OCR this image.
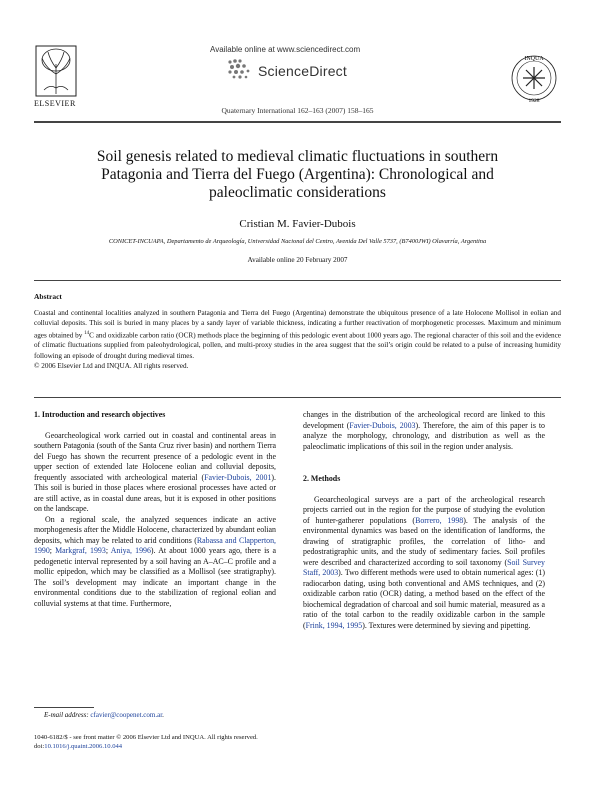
Available online at www.sciencedirect.com
ScienceDirect
ELSEVIER
INQUA
1928
Quaternary International 162–163 (2007) 158–165
Soil genesis related to medieval climatic fluctuations in southern
Patagonia and Tierra del Fuego (Argentina): Chronological and
paleoclimatic considerations
Cristian M. Favier-Dubois
CONICET-INCUAPA, Departamento de Arqueología, Universidad Nacional del Centro, Avenida Del Valle 5737, (B7400JWI) Olavarría, Argentina
Available online 20 February 2007
Abstract
Coastal and continental localities analyzed in southern Patagonia and Tierra del Fuego (Argentina) demonstrate the ubiquitous presence of a late Holocene Mollisol in eolian and colluvial deposits. This soil is buried in many places by a sandy layer of variable thickness, indicating a further reactivation of morphogenetic processes. Maximum and minimum ages obtained by $^{14}$C and oxidizable carbon ratio (OCR) methods place the beginning of this pedologic event about 1000 years ago. The regional character of this soil and the evidence of climatic fluctuations supplied from paleohydrological, pollen, and multi-proxy studies in the area suggest that the soil’s origin could be related to a pulse of increasing humidity following an episode of drought during medieval times.
© 2006 Elsevier Ltd and INQUA. All rights reserved.
1. Introduction and research objectives

Geoarcheological work carried out in coastal and continental areas in southern Patagonia (south of the Santa Cruz river basin) and northern Tierra del Fuego has shown the recurrent presence of a pedologic event in the upper section of extended late Holocene eolian and colluvial deposits, frequently associated with archeological material (Favier-Dubois, 2001). This soil is buried in those places where erosional processes have acted or are still active, as in coastal dune areas, but it is exposed in other positions on the landscape.

On a regional scale, the analyzed sequences indicate an active morphogenesis after the Middle Holocene, characterized by abundant eolian deposits, which may be related to arid conditions (Rabassa and Clapperton, 1990; Markgraf, 1993; Aniya, 1996). At about 1000 years ago, there is a pedogenetic interval represented by a soil having an A–AC–C profile and a mollic epipedon, which may be classified as a Mollisol (see stratigraphy). The soil’s development may indicate an important change in the environmental conditions due to the stabilization of regional eolian and colluvial systems at that time. Furthermore,

changes in the distribution of the archeological record are linked to this development (Favier-Dubois, 2003). Therefore, the aim of this paper is to analyze the morphology, chronology, and distribution as well as the paleoclimatic implications of this soil in the region under analysis.

2. Methods

Geoarcheological surveys are a part of the archeological research projects carried out in the region for the purpose of studying the evolution of hunter-gatherer populations (Borrero, 1998). The analysis of the environmental dynamics was based on the identification of landforms, the drawing of stratigraphic profiles, the correlation of litho- and pedostratigraphic units, and the study of sedimentary facies. Soil profiles were described and characterized according to soil taxonomy (Soil Survey Staff, 2003). Two different methods were used to obtain numerical ages: (1) radiocarbon dating, using both conventional and AMS techniques, and (2) oxidizable carbon ratio (OCR) dating, a method based on the effect of the biochemical degradation of charcoal and soil humic material, measured as a ratio of the total carbon to the readily oxidizable carbon in the sample (Frink, 1994, 1995). Textures were determined by sieving and pipetting.

E-mail address: cfavier@coopenet.com.ar.
1040-6182/$ - see front matter © 2006 Elsevier Ltd and INQUA. All rights reserved.
doi:10.1016/j.quaint.2006.10.044
